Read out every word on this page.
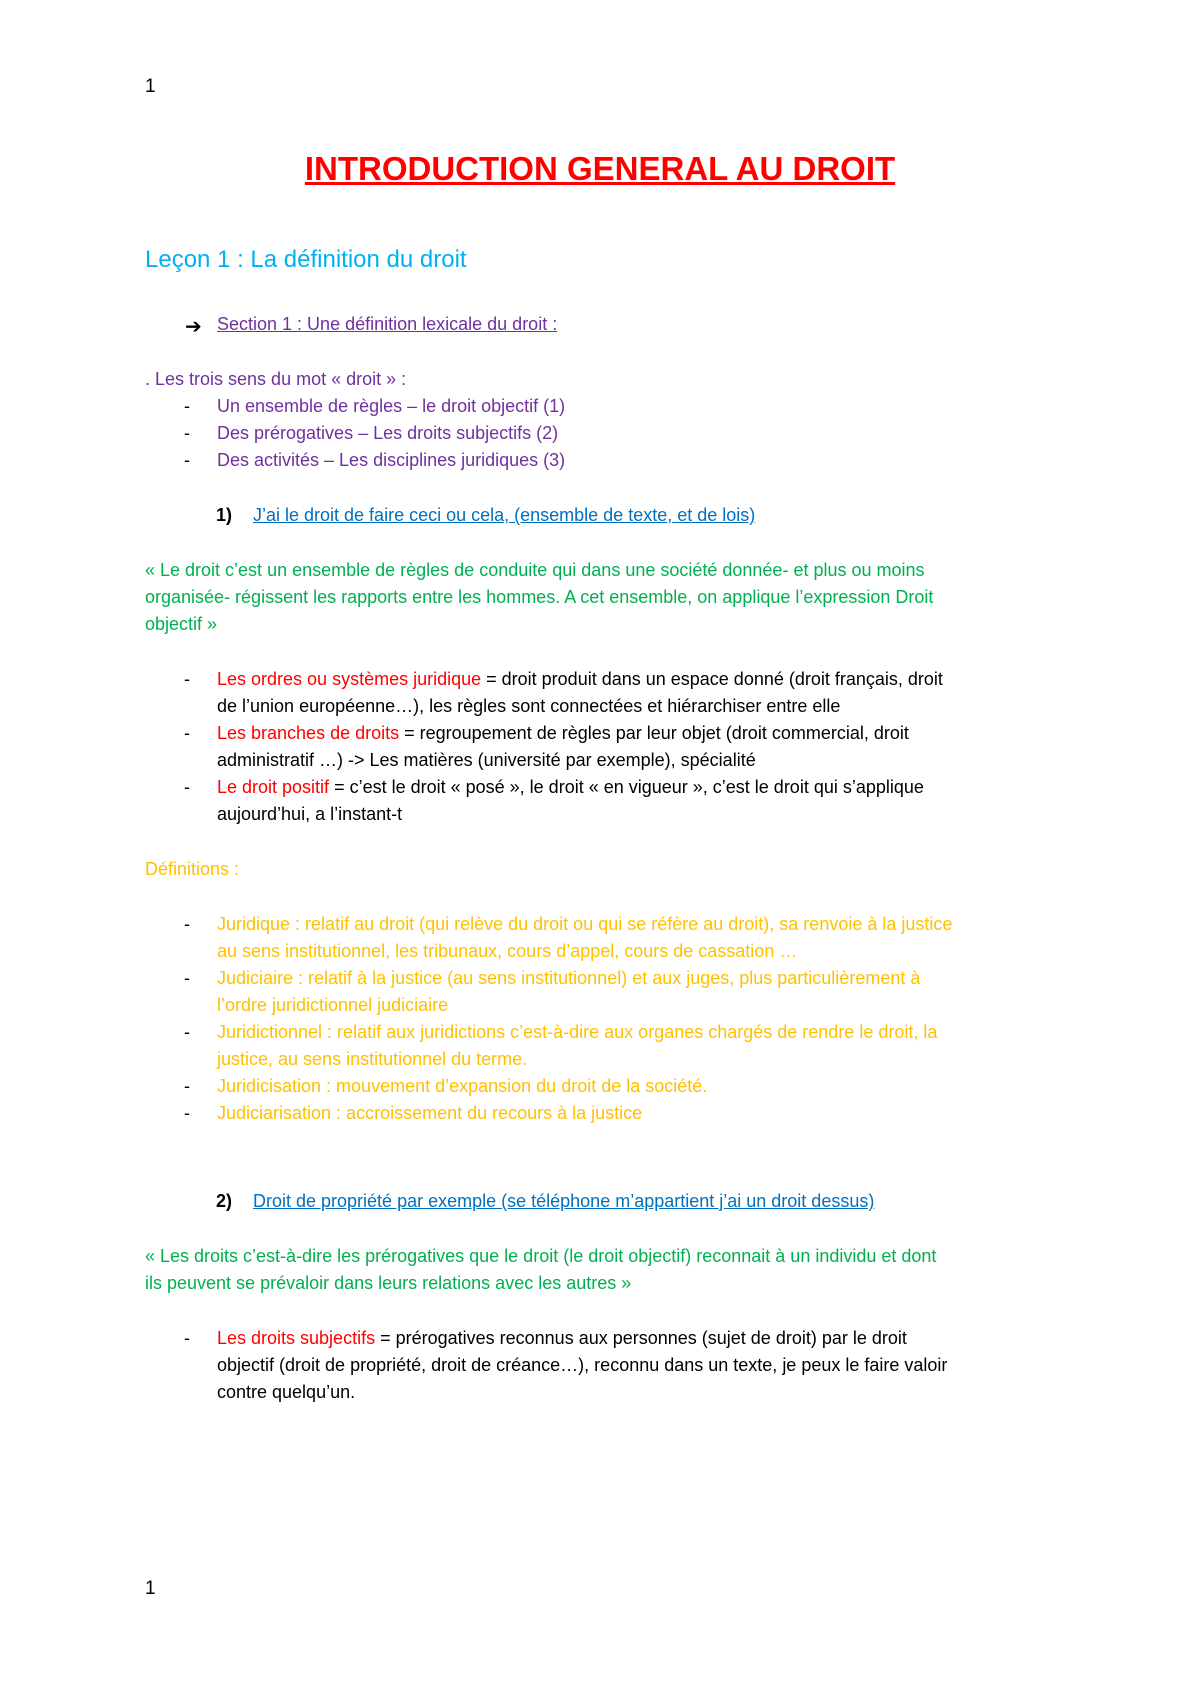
1
INTRODUCTION GENERAL AU DROIT
Leçon 1 : La définition du droit
➔ Section 1 : Une définition lexicale du droit :
. Les trois sens du mot « droit » :
- Un ensemble de règles – le droit objectif (1)
- Des prérogatives – Les droits subjectifs (2)
- Des activités – Les disciplines juridiques (3)
1) J’ai le droit de faire ceci ou cela, (ensemble de texte, et de lois)
« Le droit c’est un ensemble de règles de conduite qui dans une société donnée- et plus ou moins
organisée- régissent les rapports entre les hommes. A cet ensemble, on applique l’expression Droit
objectif »
- Les ordres ou systèmes juridique = droit produit dans un espace donné (droit français, droit
de l’union européenne…), les règles sont connectées et hiérarchiser entre elle
- Les branches de droits = regroupement de règles par leur objet (droit commercial, droit
administratif …) -> Les matières (université par exemple), spécialité
- Le droit positif = c’est le droit « posé », le droit « en vigueur », c’est le droit qui s’applique
aujourd’hui, a l’instant-t
Définitions :
- Juridique : relatif au droit (qui relève du droit ou qui se réfère au droit), sa renvoie à la justice
au sens institutionnel, les tribunaux, cours d’appel, cours de cassation …
- Judiciaire : relatif à la justice (au sens institutionnel) et aux juges, plus particulièrement à
l’ordre juridictionnel judiciaire
- Juridictionnel : relatif aux juridictions c’est-à-dire aux organes chargés de rendre le droit, la
justice, au sens institutionnel du terme.
- Juridicisation : mouvement d’expansion du droit de la société.
- Judiciarisation : accroissement du recours à la justice
2) Droit de propriété par exemple (se téléphone m’appartient j’ai un droit dessus)
« Les droits c’est-à-dire les prérogatives que le droit (le droit objectif) reconnait à un individu et dont
ils peuvent se prévaloir dans leurs relations avec les autres »
- Les droits subjectifs = prérogatives reconnus aux personnes (sujet de droit) par le droit
objectif (droit de propriété, droit de créance…), reconnu dans un texte, je peux le faire valoir
contre quelqu’un.
1
